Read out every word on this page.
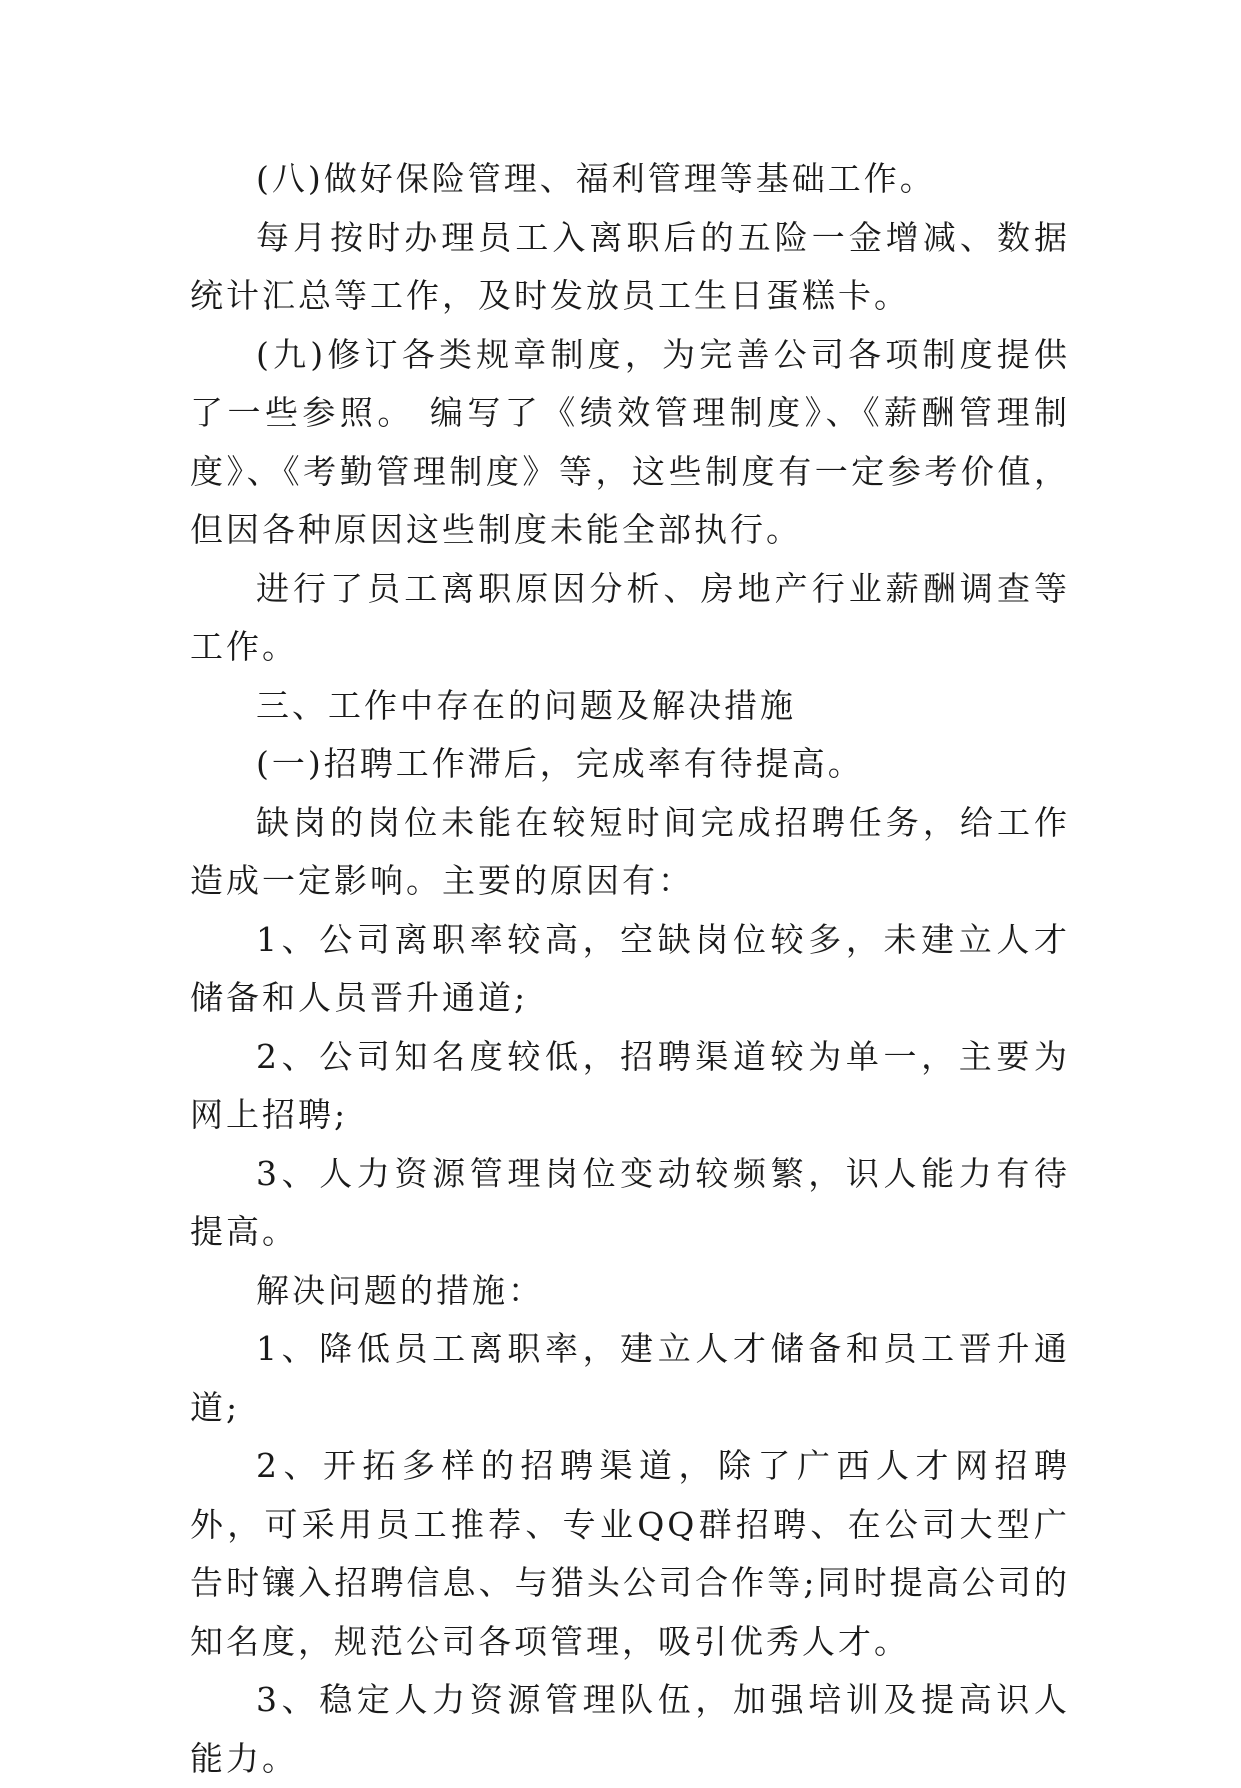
(八)做好保险管理、福利管理等基础工作。

每月按时办理员工入离职后的五险一金增减、数据统计汇总等工作，及时发放员工生日蛋糕卡。

(九)修订各类规章制度，为完善公司各项制度提供了一些参照。 编写了《绩效管理制度》、《薪酬管理制度》、《考勤管理制度》等，这些制度有一定参考价值，但因各种原因这些制度未能全部执行。

进行了员工离职原因分析、房地产行业薪酬调查等工作。

三、工作中存在的问题及解决措施

(一)招聘工作滞后，完成率有待提高。

缺岗的岗位未能在较短时间完成招聘任务，给工作造成一定影响。主要的原因有：

1、公司离职率较高，空缺岗位较多，未建立人才储备和人员晋升通道;

2、公司知名度较低，招聘渠道较为单一，主要为网上招聘;

3、人力资源管理岗位变动较频繁，识人能力有待提高。

解决问题的措施：

1、降低员工离职率，建立人才储备和员工晋升通道;

2、开拓多样的招聘渠道，除了广西人才网招聘外，可采用员工推荐、专业QQ群招聘、在公司大型广告时镶入招聘信息、与猎头公司合作等;同时提高公司的知名度，规范公司各项管理，吸引优秀人才。

3、稳定人力资源管理队伍，加强培训及提高识人能力。
